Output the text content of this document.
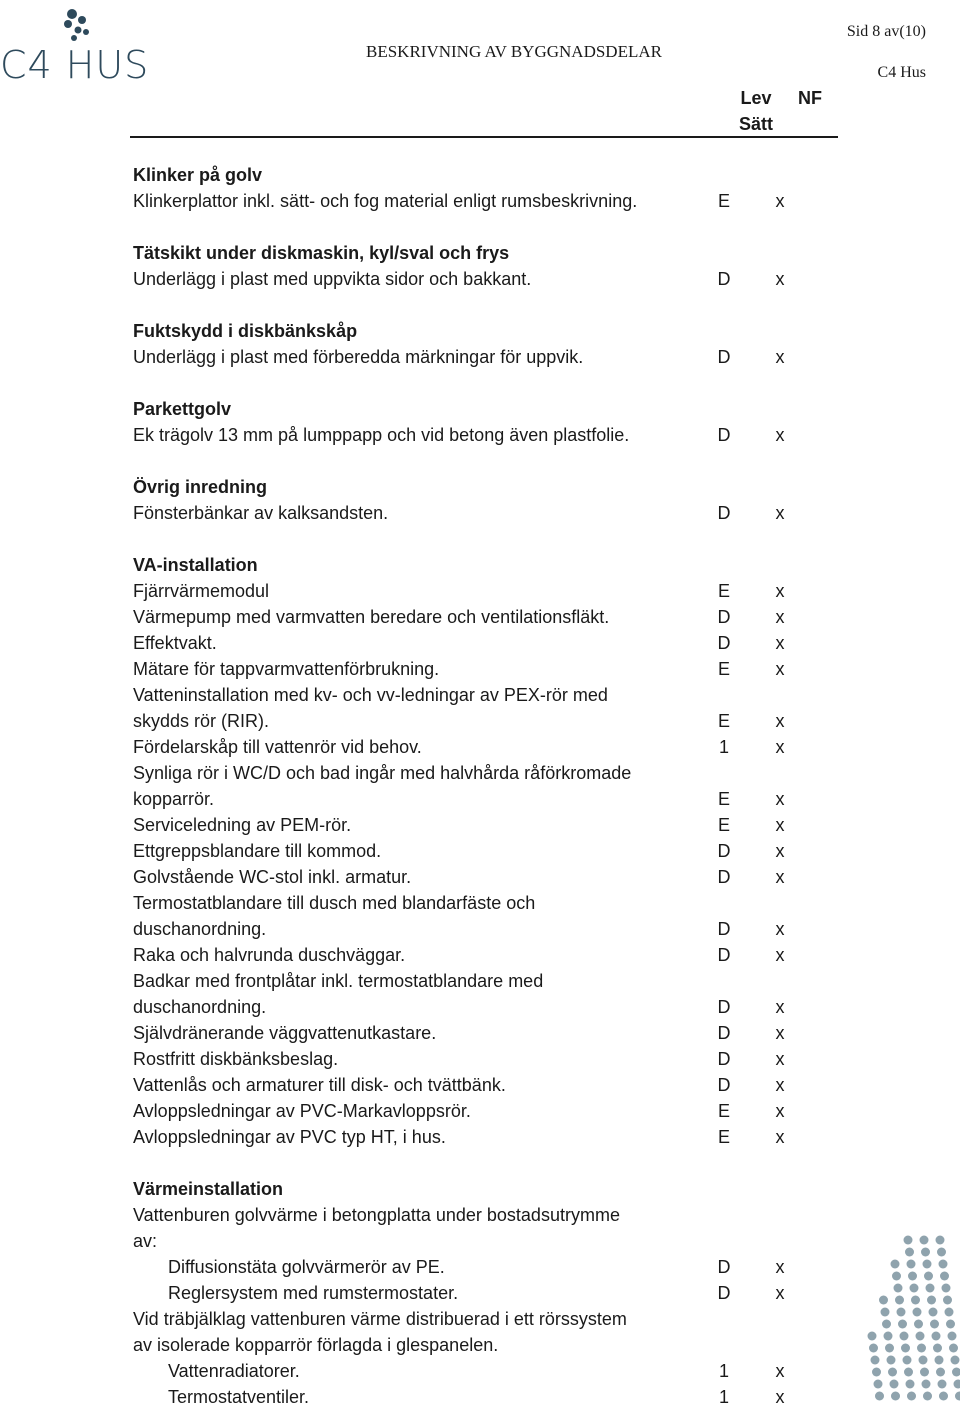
C4 HUS	BESKRIVNING AV BYGGNADSDELAR
Sid 8 av(10)
C4 Hus
Lev
Sätt
NF
Klinker på golv
Klinkerplattor inkl. sätt- och fog material enligt rumsbeskrivning.	E	x
Tätskikt under diskmaskin, kyl/sval och frys
Underlägg i plast med uppvikta sidor och bakkant.	D	x
Fuktskydd i diskbänkskåp
Underlägg i plast med förberedda märkningar för uppvik.	D	x
Parkettgolv
Ek trägolv 13 mm på lumppapp och vid betong även plastfolie.	D	x
Övrig inredning
Fönsterbänkar av kalksandsten.	D	x
VA-installation
Fjärrvärmemodul	E	x
Värmepump med varmvatten beredare och ventilationsfläkt.	D	x
Effektvakt.	D	x
Mätare för tappvarmvattenförbrukning.	E	x
Vatteninstallation med kv- och vv-ledningar av PEX-rör med
skydds rör (RIR).	E	x
Fördelarskåp till vattenrör vid behov.	1	x
Synliga rör i WC/D och bad ingår med halvhårda råförkromade
kopparrör.	E	x
Serviceledning av PEM-rör.	E	x
Ettgreppsblandare till kommod.	D	x
Golvstående WC-stol inkl. armatur.	D	x
Termostatblandare till dusch med blandarfäste och
duschanordning.	D	x
Raka och halvrunda duschväggar.	D	x
Badkar med frontplåtar inkl. termostatblandare med
duschanordning.	D	x
Självdränerande väggvattenutkastare.	D	x
Rostfritt diskbänksbeslag.	D	x
Vattenlås och armaturer till disk- och tvättbänk.	D	x
Avloppsledningar av PVC-Markavloppsrör.	E	x
Avloppsledningar av PVC typ HT, i hus.	E	x
Värmeinstallation
Vattenburen golvvärme i betongplatta under bostadsutrymme
av:
Diffusionstäta golvvärmerör av PE.	D	x
Reglersystem med rumstermostater.	D	x
Vid träbjälklag vattenburen värme distribuerad i ett rörssystem
av isolerade kopparrör förlagda i glespanelen.
Vattenradiatorer.	1	x
Termostatventiler.	1	x
